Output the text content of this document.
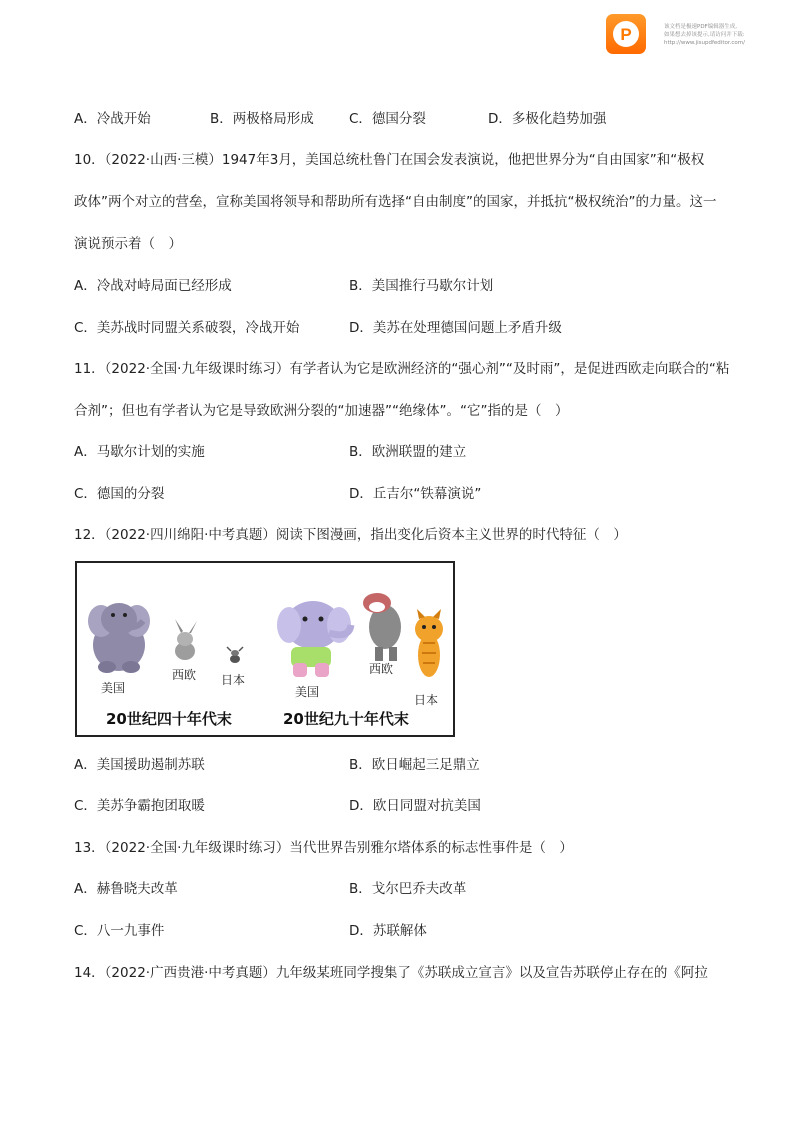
P	该文档是极速PDF编辑器生成,
如果想去掉该提示,请访问并下载:
http://www.jisupdfeditor.com/
A．冷战开始	B．两极格局形成	C．德国分裂	D．多极化趋势加强
10．（2022·山西·三模）1947年3月，美国总统杜鲁门在国会发表演说，他把世界分为“自由国家”和“极权
政体”两个对立的营垒，宣称美国将领导和帮助所有选择“自由制度”的国家，并抵抗“极权统治”的力量。这一
演说预示着（　）
A．冷战对峙局面已经形成	B．美国推行马歇尔计划
C．美苏战时同盟关系破裂，冷战开始	D．美苏在处理德国问题上矛盾升级
11．（2022·全国·九年级课时练习）有学者认为它是欧洲经济的“强心剂”“及时雨”，是促进西欧走向联合的“粘
合剂”；但也有学者认为它是导致欧洲分裂的“加速器”“绝缘体”。“它”指的是（　）
A．马歇尔计划的实施	B．欧洲联盟的建立
C．德国的分裂	D．丘吉尔“铁幕演说”
12．（2022·四川绵阳·中考真题）阅读下图漫画，指出变化后资本主义世界的时代特征（　）
美国
西欧 日本
美国
西欧
日本
20世纪四十年代末	20世纪九十年代末
A．美国援助遏制苏联	B．欧日崛起三足鼎立
C．美苏争霸抱团取暖	D．欧日同盟对抗美国
13．（2022·全国·九年级课时练习）当代世界告别雅尔塔体系的标志性事件是（　）
A．赫鲁晓夫改革	B．戈尔巴乔夫改革
C．八一九事件	D．苏联解体
14．（2022·广西贵港·中考真题）九年级某班同学搜集了《苏联成立宣言》以及宣告苏联停止存在的《阿拉
